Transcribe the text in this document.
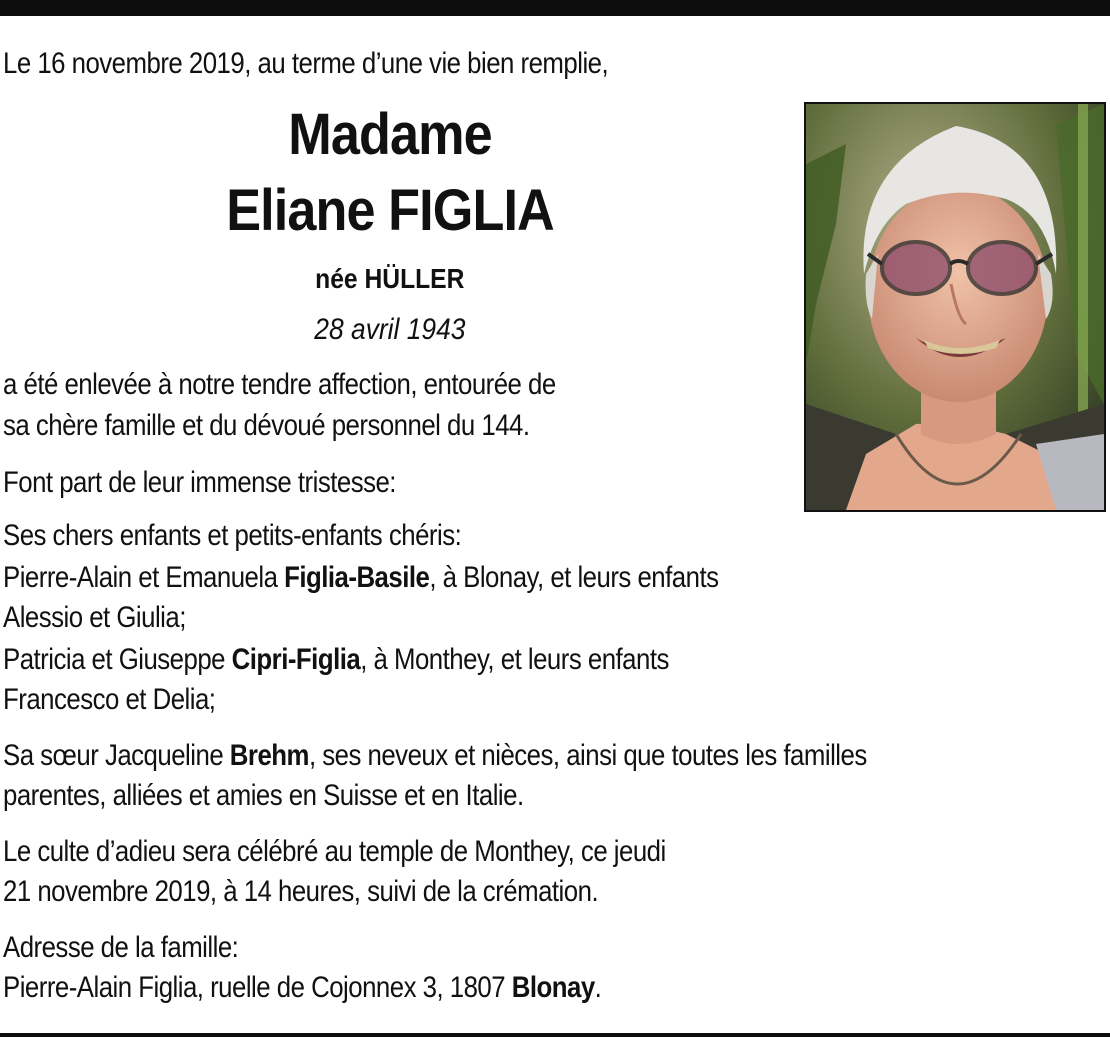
Le 16 novembre 2019, au terme d’une vie bien remplie,
Madame
Eliane FIGLIA
née HÜLLER
28 avril 1943
a été enlevée à notre tendre affection, entourée de
sa chère famille et du dévoué personnel du 144.
Font part de leur immense tristesse:
Ses chers enfants et petits-enfants chéris:
Pierre-Alain et Emanuela Figlia-Basile, à Blonay, et leurs enfants
Alessio et Giulia;
Patricia et Giuseppe Cipri-Figlia, à Monthey, et leurs enfants
Francesco et Delia;
Sa sœur Jacqueline Brehm, ses neveux et nièces, ainsi que toutes les familles
parentes, alliées et amies en Suisse et en Italie.
Le culte d’adieu sera célébré au temple de Monthey, ce jeudi
21 novembre 2019, à 14 heures, suivi de la crémation.
Adresse de la famille:
Pierre-Alain Figlia, ruelle de Cojonnex 3, 1807 Blonay.
